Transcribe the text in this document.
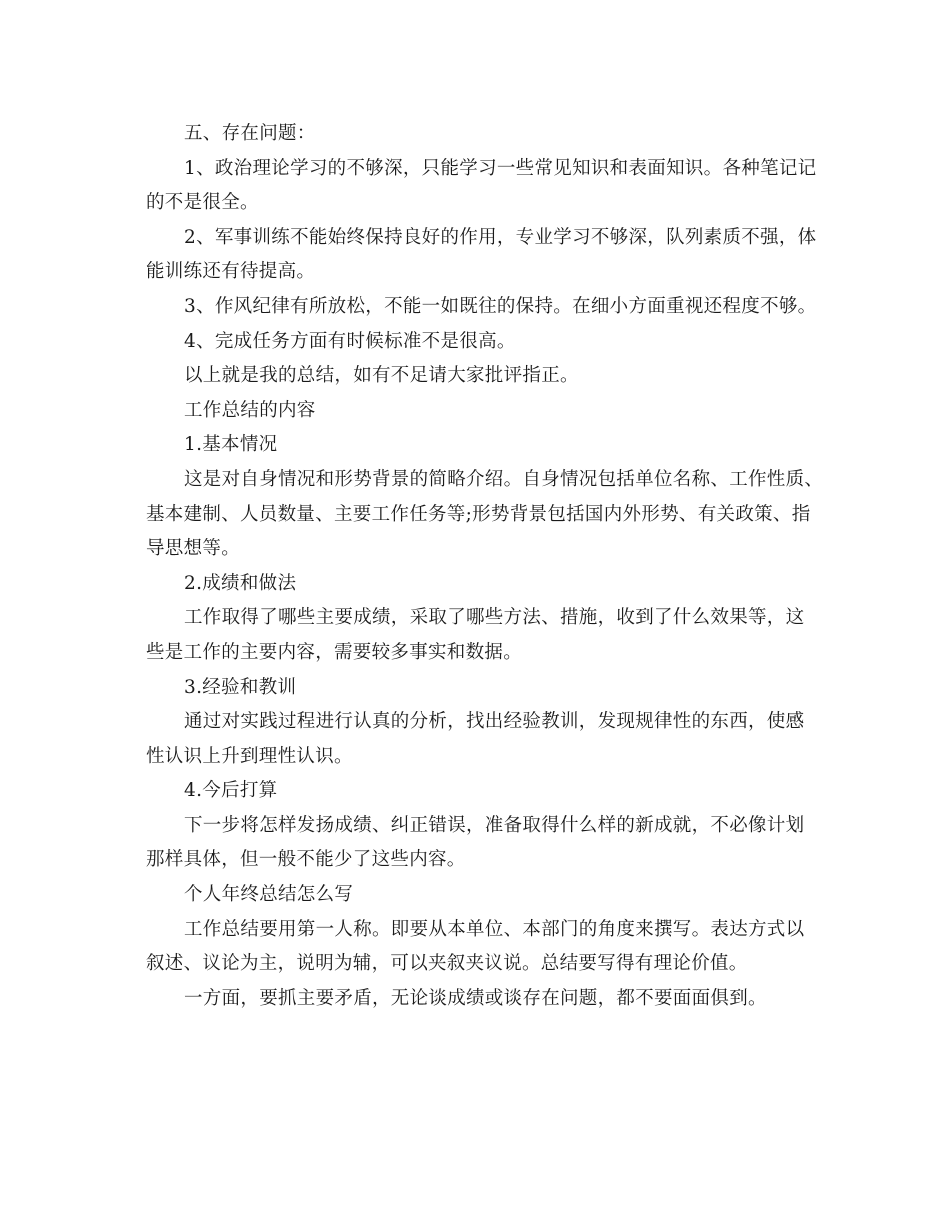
五、存在问题：
1、政治理论学习的不够深，只能学习一些常见知识和表面知识。各种笔记记
的不是很全。
2、军事训练不能始终保持良好的作用，专业学习不够深，队列素质不强，体
能训练还有待提高。
3、作风纪律有所放松，不能一如既往的保持。在细小方面重视还程度不够。
4、完成任务方面有时候标准不是很高。
以上就是我的总结，如有不足请大家批评指正。
工作总结的内容
1.基本情况
这是对自身情况和形势背景的简略介绍。自身情况包括单位名称、工作性质、
基本建制、人员数量、主要工作任务等;形势背景包括国内外形势、有关政策、指
导思想等。
2.成绩和做法
工作取得了哪些主要成绩，采取了哪些方法、措施，收到了什么效果等，这
些是工作的主要内容，需要较多事实和数据。
3.经验和教训
通过对实践过程进行认真的分析，找出经验教训，发现规律性的东西，使感
性认识上升到理性认识。
4.今后打算
下一步将怎样发扬成绩、纠正错误，准备取得什么样的新成就，不必像计划
那样具体，但一般不能少了这些内容。
个人年终总结怎么写
工作总结要用第一人称。即要从本单位、本部门的角度来撰写。表达方式以
叙述、议论为主，说明为辅，可以夹叙夹议说。总结要写得有理论价值。
一方面，要抓主要矛盾，无论谈成绩或谈存在问题，都不要面面俱到。
